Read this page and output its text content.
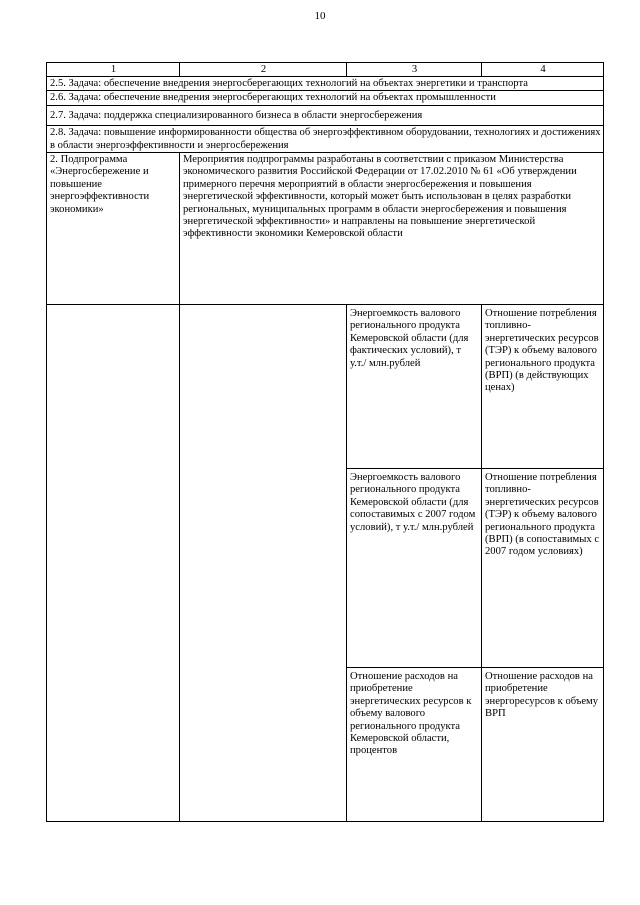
10
1	2	3	4
2.5. Задача: обеспечение внедрения энергосберегающих технологий на объектах энергетики и транспорта			
2.6. Задача: обеспечение внедрения энергосберегающих технологий на объектах промышленности			
2.7. Задача: поддержка специализированного бизнеса в области энергосбережения			
2.8. Задача: повышение информированности общества об энергоэффективном оборудовании, технологиях и достижениях в области энергоэффективности и энергосбережения			
2. Подпрограмма «Энергосбережение и повышение энергоэффективности экономики»	Мероприятия подпрограммы разработаны в соответствии с приказом Министерства экономического развития Российской Федерации от 17.02.2010 № 61 «Об утверждении примерного перечня мероприятий в области энергосбережения и повышения энергетической эффективности, который может быть использован в целях разработки региональных, муниципальных программ в области энергосбережения и повышения энергетической эффективности» и направлены на повышение энергетической эффективности экономики Кемеровской области		
		Энергоемкость валового регионального продукта Кемеровской области (для фактических условий), т у.т./ млн.рублей	Отношение потребления топливно-энергетических ресурсов (ТЭР) к объему валового регионального продукта (ВРП) (в действующих ценах)
		Энергоемкость валового регионального продукта Кемеровской области (для сопоставимых с 2007 годом условий), т у.т./ млн.рублей	Отношение потребления топливно-энергетических ресурсов (ТЭР) к объему валового регионального продукта (ВРП) (в сопоставимых с 2007 годом условиях)
		Отношение расходов на приобретение энергетических ресурсов к объему валового регионального продукта Кемеровской области, процентов	Отношение расходов на приобретение энергоресурсов к объему ВРП
